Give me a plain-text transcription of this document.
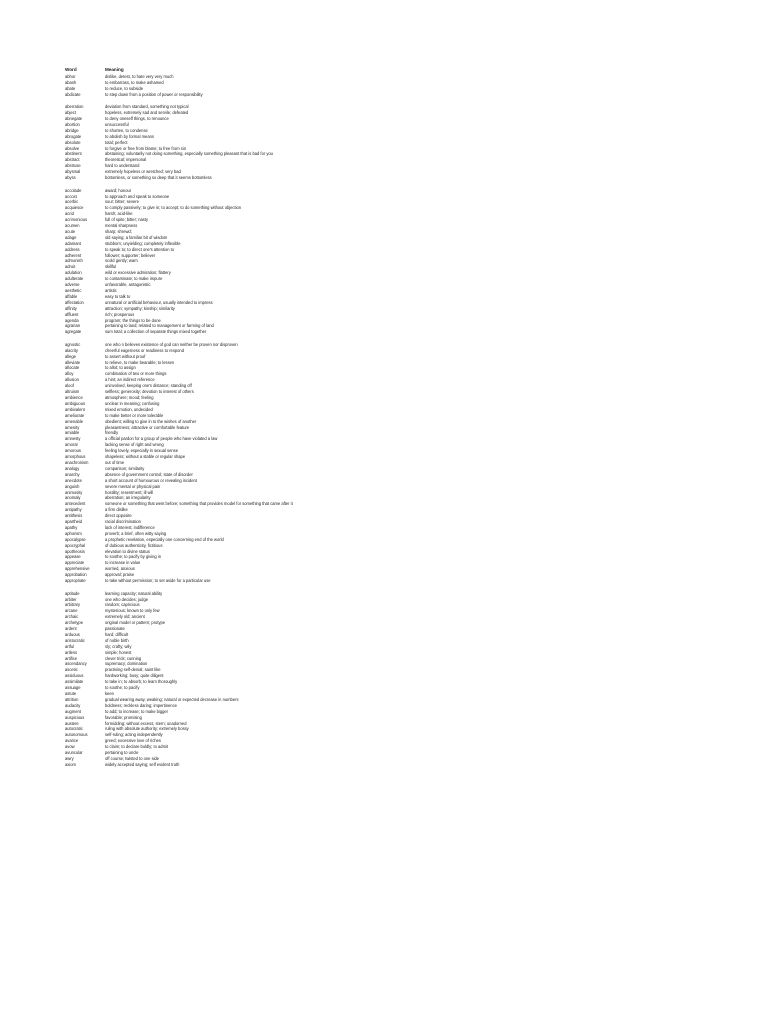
Word	Meaning
abhor	dislike, detest, to hate very very much
abash	to embarrass, to make ashamed
abate	to reduce, to subside
abdicate	to step down from a position of power or responsibility
aberration	deviation from standard, something not typical
abject	hopeless, extremely sad and servile; defeated
abnegate	to deny oneself things, to renounce
abortion	unsuccessful
abridge	to shorten, to condense
abrogate	to abolish by formal means
absolute	total; perfect
absolve	to forgive or free from blame; to free from sin
abstinent	abstaining; voluntarily not doing something, especially something pleasant that is bad for you
abstract	theoretical; impersonal
abstruse	hard to understand
abysmal	extremely hopeless or wretched; very bad
abyss	bottomless, or something so deep that it seems bottomless
accolade	award; honour
accost	to approach and speak to someone
acerbic	sour; bitter; severe
acquiesce	to comply passively; to give in; to accept; to do something without objection
acrid	harsh; acid-like
acrimonious	full of spite; bitter; nasty
acumen	mental sharpness
acute	sharp; shrewd;
adage	old saying; a familiar bit of wisdom
adamant	stubborn; unyielding; completely inflexible
address	to speak to; to direct one's attention to
adherent	follower; supporter; believer
admonish	scold gently; warn
adroit	skillful
adulation	wild or excessive admiration; flattery
adulterate	to contaminate; to make impure
adverse	unfavorable, antagonistic
aesthetic	artistic
affable	easy to talk to
affectation	unnatural or artificial behaviour, usually intended to impress
affinity	attraction; sympathy; kinship; similarity
affluent	rich; prosperous
agenda	program; the things to be done
agrarian	pertaining to land; related to management or farming of land
agregate	sum total; a collection of separate things mixed together
agnostic	one who n believes existence of god can neither be proven nor disproven
alacrity	cheerful eagerness or readiness to respond
allege	to assert without proof
alleviate	to relieve, to make bearable; to lessen
allocate	to allot; to assign
alloy	combination of two or more things
allusion	a hint; an indirect reference
aloof	uninvolved, keeping one's distance; standing off
altruism	selfless; generosity; devotion to interest of others
ambience	atmosphere; mood; feeling
ambiguous	unclear in meaning; confusing
ambivalent	mixed emotion, undecided
ameliorate	to make better or more tolerable
amenable	obedient; willing to give in to the wishes of another
amenity	pleasantness; attractive or comfortable feature
amiable	friendly
amnesty	a official pardon for a group of people who have violated a law
amoral	lacking sense of right and wrong
amorous	feeling lovely, especially in sexual sense
amorphous	shapeless; without a stable or regular shape
anachronism	out of time
analogy	comparison; similarity
anarchy	absence of government control; state of disorder
anecdote	a short account of humourous or revealing incident
anguish	severe mental or physical pain
animosity	hostility; resentment; ill will
anomaly	aberration; an irregularity
antecedent	someone or something that went before; something that provides model for something that came after it
antipathy	a firm dislike
antithesis	direct opposite
apartheid	racial discrimination
apathy	lack of interest; indifference
aphorism	proverb; a brief, often witty saying
apocalypse	a prophetic revelation, especially one concerning end of the world
apocryphal	of dubious authenticity, fictitious
apotheosis	elevation to divine status
appease	to soothe; to pacify by giving in
appreciate	to increase in value
apprehensive	worried, anxious
approbation	approval; praise
appropriate	to take without permission; to set aside for a particular use
aptitude	learning capacity; natural ability
arbiter	one who decides; judge
arbitrary	random; capricious
arcane	mysterious; known to only few
archaic	extremely old; ancient
archetype	original model or pattern; protype
ardent	passionate
arduous	hard; difficult
aristocratic	of noble birth
artful	sly; crafty; wily
artless	simple; honest
artifice	clever trick; cunning
ascendancy	supremacy; domination
ascetic	practising self-denial; saint like
assiduous	hardworking; busy; quite diligent
assimilate	to take in; to absorb; to learn thoroughly
assuage	to soothe; to pacify
astute	keen
attrition	gradual wearing away, weaking; natural or expected decrease in numbers
audacity	boldness; reckless daring; impertinence
augment	to add; to increase; to make bigger
auspicious	favorable; promising
austere	formidding; without excess; stern; unadorned
autocratic	ruling with absolute authority; extremely bossy
autonomous	self-ruling; acting independently
avarice	greed; excessive love of riches
avow	to claim; to declare boldly; to admit
avuncular	pertaining to uncle
awry	off course; twisted to one side
axiom	widely accepted saying; self evident truth
